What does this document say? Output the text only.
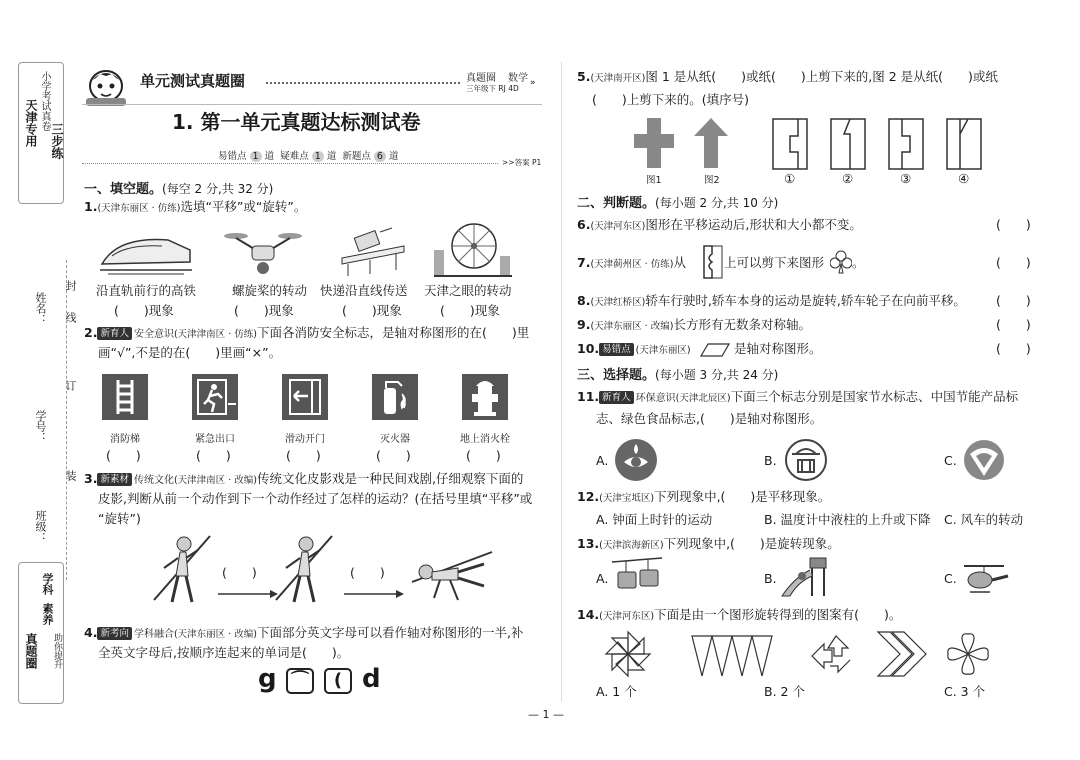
天津专用 小学考试真卷
三步练
姓名：
学号：
班级：
装
订
线
封
真题圈
学科
素养
助你提升
单元测试真题圈	真题圈 数学
三年级下 RJ 4D
»
1. 第一单元真题达标测试卷
易错点 1 道 疑难点 1 道 新题点 6 道
>>答案 P1
一、填空题。(每空 2 分,共 32 分)
1.(天津东丽区 · 仿练)选填“平移”或“旋转”。
沿直轨前行的高铁	螺旋桨的转动 快递沿直线传送 天津之眼的转动
(　　)现象	(　　)现象	(　　)现象	(　　)现象
2. 新育人 安全意识(天津津南区 · 仿练)下面各消防安全标志，是轴对称图形的在(　　)里
画“√”,不是的在(　　)里画“×”。
消防梯	紧急出口	滑动开门	灭火器	地上消火栓
(　　)	(　　)	(　　)	(　　)	(　　)
3. 新素材 传统文化(天津津南区 · 改编)传统文化皮影戏是一种民间戏剧,仔细观察下面的
皮影,判断从前一个动作到下一个动作经过了怎样的运动？(在括号里填“平移”或
“旋转”)
(　　)	(　　)
4. 新考向 学科融合(天津东丽区 · 改编)下面部分英文字母可以看作轴对称图形的一半,补
全英文字母后,按顺序连起来的单词是(　　)。
g ⌒	( d
5.(天津南开区)图 1 是从纸(　　)或纸(　　)上剪下来的,图 2 是从纸(　　)或纸
(　　)上剪下来的。(填序号)
图1	图2	①	②	③	④
二、判断题。(每小题 2 分,共 10 分)
6.(天津河东区)图形在平移运动后,形状和大小都不变。	(　　)
7.(天津蓟州区 · 仿练)从	上可以剪下来图形 。	(　　)
8.(天津红桥区)轿车行驶时,轿车本身的运动是旋转,轿车轮子在向前平移。 (　　)
9.(天津东丽区 · 改编)长方形有无数条对称轴。	(　　)
10. 易错点 (天津东丽区)	是轴对称图形。	(　　)
三、选择题。(每小题 3 分,共 24 分)
11. 新育人 环保意识(天津北辰区)下面三个标志分别是国家节水标志、中国节能产品标
志、绿色食品标志,(　　)是轴对称图形。
A.	B.	C.
12.(天津宝坻区)下列现象中,(　　)是平移现象。
A. 钟面上时针的运动	B. 温度计中液柱的上升或下降 C. 风车的转动
13.(天津滨海新区)下列现象中,(　　)是旋转现象。
A.	B.	C.
14.(天津河东区)下面是由一个图形旋转得到的图案有(　　)。
A. 1 个	B. 2 个	C. 3 个
— 1 —
